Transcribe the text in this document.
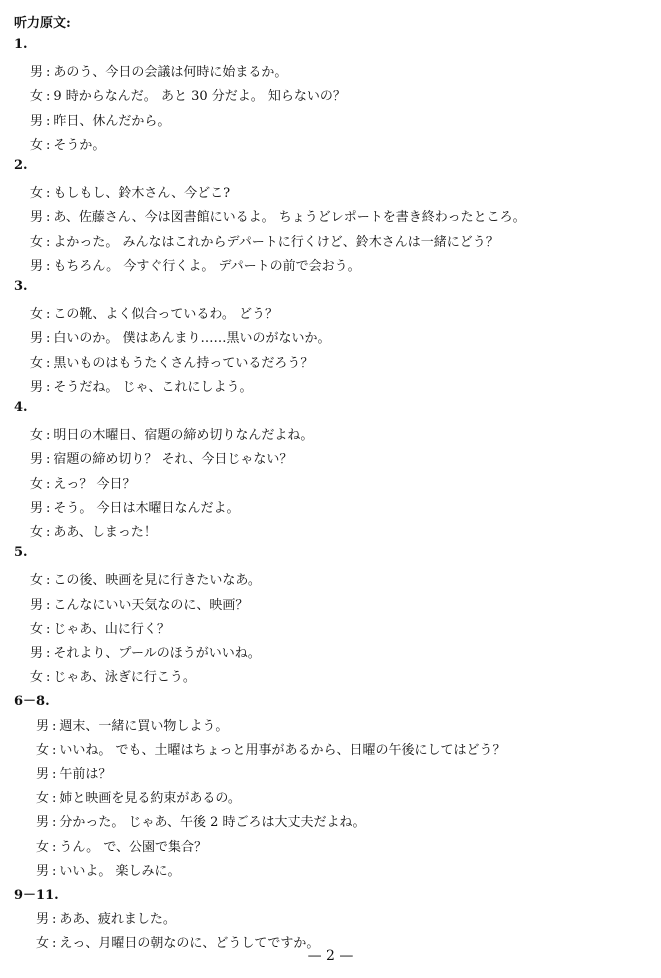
听力原文:
1.
男 : あのう、今日の会議は何時に始まるか。
女 : 9 時からなんだ。 あと 30 分だよ。 知らないの？
男 : 昨日、休んだから。
女 : そうか。
2.
女 : もしもし、鈴木さん、今どこ?
男 : あ、佐藤さん、今は図書館にいるよ。 ちょうどレポートを書き終わったところ。
女 : よかった。 みんなはこれからデパートに行くけど、鈴木さんは一緒にどう？
男 : もちろん。 今すぐ行くよ。 デパートの前で会おう。
3.
女 : この靴、よく似合っているわ。 どう？
男 : 白いのか。 僕はあんまり……黒いのがないか。
女 : 黒いものはもうたくさん持っているだろう？
男 : そうだね。 じゃ、これにしよう。
4.
女 : 明日の木曜日、宿題の締め切りなんだよね。
男 : 宿題の締め切り？ それ、今日じゃない？
女 : えっ？ 今日？
男 : そう。 今日は木曜日なんだよ。
女 : ああ、しまった！
5.
女 : この後、映画を見に行きたいなあ。
男 : こんなにいい天気なのに、映画？
女 : じゃあ、山に行く？
男 : それより、プールのほうがいいね。
女 : じゃあ、泳ぎに行こう。
6－8.
男 : 週末、一緒に買い物しよう。
女 : いいね。 でも、土曜はちょっと用事があるから、日曜の午後にしてはどう？
男 : 午前は？
女 : 姉と映画を見る約束があるの。
男 : 分かった。 じゃあ、午後 2 時ごろは大丈夫だよね。
女 : うん。 で、公園で集合？
男 : いいよ。 楽しみに。
9－11.
男 : ああ、疲れました。
女 : えっ、月曜日の朝なのに、どうしてですか。
— 2 —
